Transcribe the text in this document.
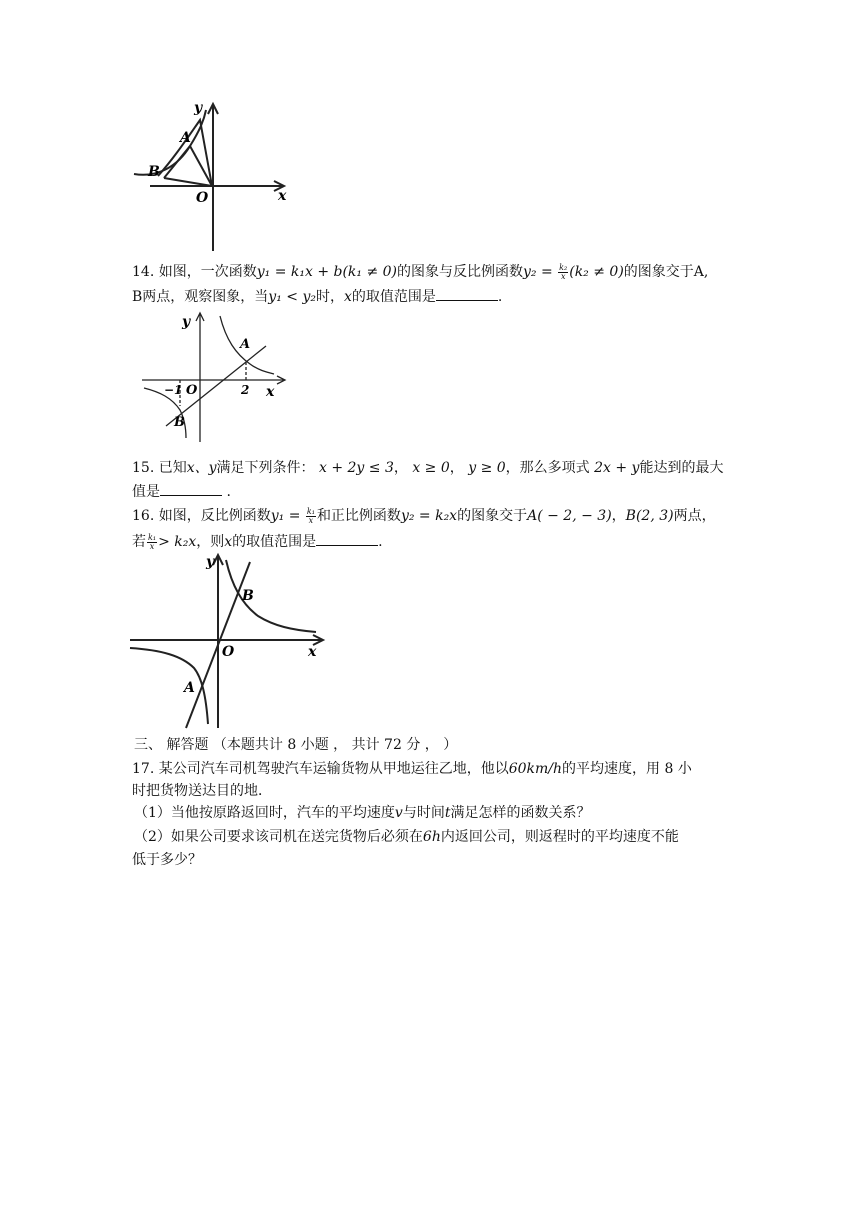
y
x
A
B
O
14. 如图，一次函数y₁ = k₁x + b(k₁ ≠ 0)的图象与反比例函数$y_2 = \frac{\text{k₂}}{x} (k_2 \ne 0)$的图象交于A,
B两点，观察图象，当y₁ < y₂时，x的取值范围是	.
y
x
A
B
O
−1	2
15. 已知x、y满足下列条件： x + 2y ≤ 3， x ≥ 0， y ≥ 0，那么多项式 2x + y能达到的最大
值是	.
16. 如图，反比例函数$y_1 = \frac{\text{k₁}}{x}$ 和正比例函数y₂ = k₂x的图象交于A( − 2, − 3)，B(2, 3)两点，
若 $\frac{\text{k₁}}{x} > k_2x$，则x的取值范围是	.
y
x
A
B
O
三、 解答题 （本题共计 8 小题 ， 共计 72 分 ， ）
17. 某公司汽车司机驾驶汽车运输货物从甲地运往乙地，他以60km/h的平均速度，用 8 小
时把货物送达目的地．
（1）当他按原路返回时，汽车的平均速度v与时间t满足怎样的函数关系？
（2）如果公司要求该司机在送完货物后必须在6h内返回公司，则返程时的平均速度不能
低于多少？
